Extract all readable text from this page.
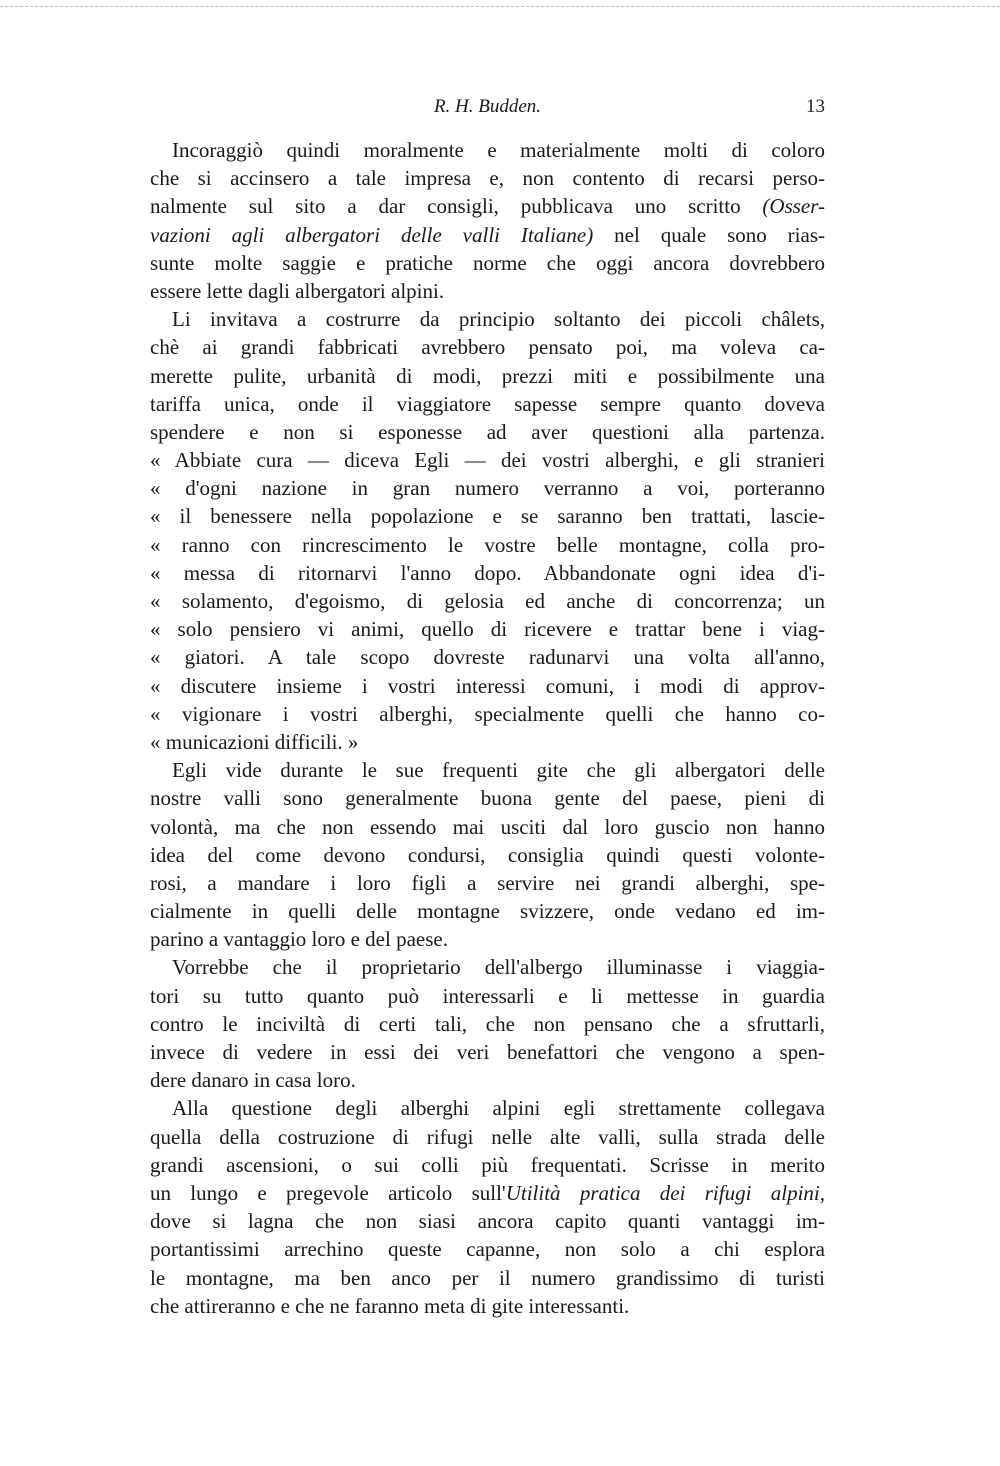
R. H. Budden.	13
Incoraggiò quindi moralmente e materialmente molti di coloro
che si accinsero a tale impresa e, non contento di recarsi perso-
nalmente sul sito a dar consigli, pubblicava uno scritto (Osser-
vazioni agli albergatori delle valli Italiane) nel quale sono rias-
sunte molte saggie e pratiche norme che oggi ancora dovrebbero
essere lette dagli albergatori alpini.
Li invitava a costrurre da principio soltanto dei piccoli châlets,
chè ai grandi fabbricati avrebbero pensato poi, ma voleva ca-
merette pulite, urbanità di modi, prezzi miti e possibilmente una
tariffa unica, onde il viaggiatore sapesse sempre quanto doveva
spendere e non si esponesse ad aver questioni alla partenza.
« Abbiate cura — diceva Egli — dei vostri alberghi, e gli stranieri
« d'ogni nazione in gran numero verranno a voi, porteranno
« il benessere nella popolazione e se saranno ben trattati, lascie-
« ranno con rincrescimento le vostre belle montagne, colla pro-
« messa di ritornarvi l'anno dopo. Abbandonate ogni idea d'i-
« solamento, d'egoismo, di gelosia ed anche di concorrenza; un
« solo pensiero vi animi, quello di ricevere e trattar bene i viag-
« giatori. A tale scopo dovreste radunarvi una volta all'anno,
« discutere insieme i vostri interessi comuni, i modi di approv-
« vigionare i vostri alberghi, specialmente quelli che hanno co-
« municazioni difficili. »
Egli vide durante le sue frequenti gite che gli albergatori delle
nostre valli sono generalmente buona gente del paese, pieni di
volontà, ma che non essendo mai usciti dal loro guscio non hanno
idea del come devono condursi, consiglia quindi questi volonte-
rosi, a mandare i loro figli a servire nei grandi alberghi, spe-
cialmente in quelli delle montagne svizzere, onde vedano ed im-
parino a vantaggio loro e del paese.
Vorrebbe che il proprietario dell'albergo illuminasse i viaggia-
tori su tutto quanto può interessarli e li mettesse in guardia
contro le inciviltà di certi tali, che non pensano che a sfruttarli,
invece di vedere in essi dei veri benefattori che vengono a spen-
dere danaro in casa loro.
Alla questione degli alberghi alpini egli strettamente collegava
quella della costruzione di rifugi nelle alte valli, sulla strada delle
grandi ascensioni, o sui colli più frequentati. Scrisse in merito
un lungo e pregevole articolo sull'Utilità pratica dei rifugi alpini,
dove si lagna che non siasi ancora capito quanti vantaggi im-
portantissimi arrechino queste capanne, non solo a chi esplora
le montagne, ma ben anco per il numero grandissimo di turisti
che attireranno e che ne faranno meta di gite interessanti.
